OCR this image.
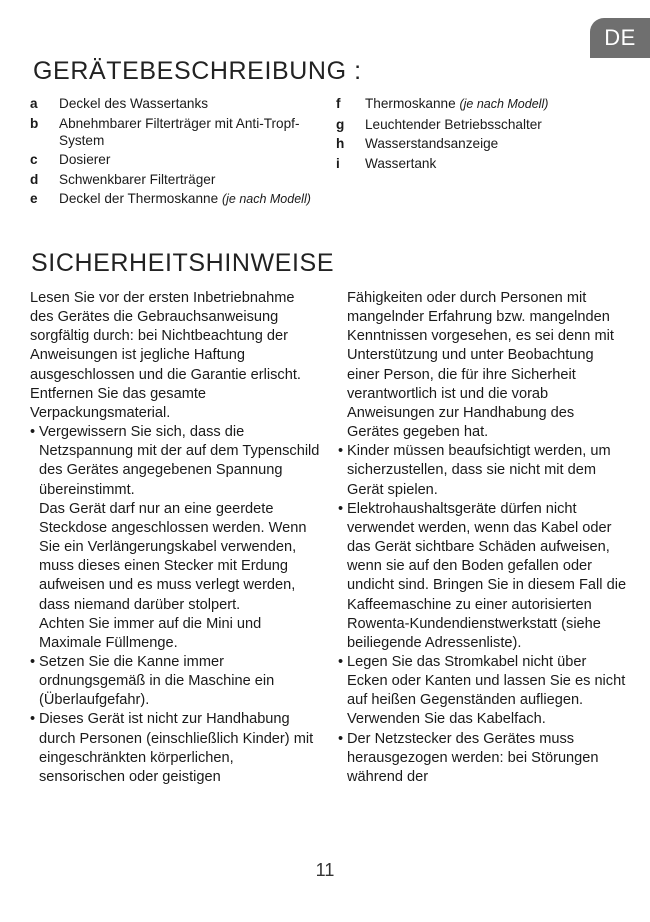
DE
GERÄTEBESCHREIBUNG :
a	Deckel des Wassertanks
b	Abnehmbarer Filterträger mit Anti-Tropf-System
c	Dosierer
d	Schwenkbarer Filterträger
e	Deckel der Thermoskanne (je nach Modell)
f	Thermoskanne (je nach Modell)
g	Leuchtender Betriebsschalter
h	Wasserstandsanzeige
i	Wassertank
SICHERHEITSHINWEISE

Lesen Sie vor der ersten Inbetriebnahme des Gerätes die Gebrauchsanweisung sorgfältig durch: bei Nichtbeachtung der Anweisungen ist jegliche Haftung ausgeschlossen und die Garantie erlischt.

Entfernen Sie das gesamte Verpackungsmaterial.

• Vergewissern Sie sich, dass die Netzspannung mit der auf dem Typenschild des Gerätes angegebenen Spannung übereinstimmt.

Das Gerät darf nur an eine geerdete Steckdose angeschlossen werden. Wenn Sie ein Verlängerungskabel verwenden, muss dieses einen Stecker mit Erdung aufweisen und es muss verlegt werden, dass niemand darüber stolpert.

Achten Sie immer auf die Mini und Maximale Füllmenge.

• Setzen Sie die Kanne immer ordnungsgemäß in die Maschine ein (Überlaufgefahr).

• Dieses Gerät ist nicht zur Handhabung durch Personen (einschließlich Kinder) mit eingeschränkten körperlichen, sensorischen oder geistigen

Fähigkeiten oder durch Personen mit mangelnder Erfahrung bzw. mangelnden Kenntnissen vorgesehen, es sei denn mit Unterstützung und unter Beobachtung einer Person, die für ihre Sicherheit verantwortlich ist und die vorab Anweisungen zur Handhabung des Gerätes gegeben hat.

• Kinder müssen beaufsichtigt werden, um sicherzustellen, dass sie nicht mit dem Gerät spielen.

• Elektrohaushaltsgeräte dürfen nicht verwendet werden, wenn das Kabel oder das Gerät sichtbare Schäden aufweisen, wenn sie auf den Boden gefallen oder undicht sind. Bringen Sie in diesem Fall die Kaffeemaschine zu einer autorisierten Rowenta-Kundendienstwerkstatt (siehe beiliegende Adressenliste).

• Legen Sie das Stromkabel nicht über Ecken oder Kanten und lassen Sie es nicht auf heißen Gegenständen aufliegen. Verwenden Sie das Kabelfach.

• Der Netzstecker des Gerätes muss herausgezogen werden: bei Störungen während der

11
